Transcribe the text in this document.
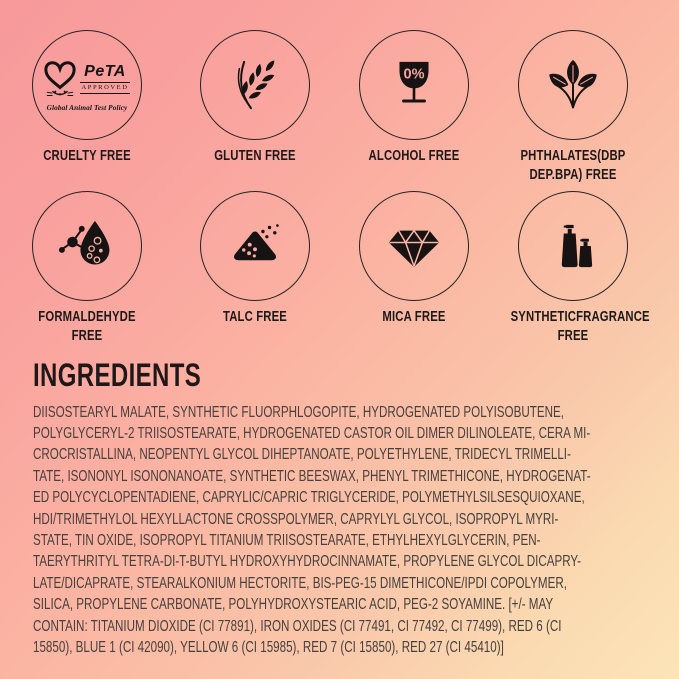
PeTA
APPROVED
Global Animal Test Policy
CRUELTY FREE	GLUTEN FREE
0%
ALCOHOL FREE	PHTHALATES(DBP
DEP.BPA) FREE
FORMALDEHYDE
FREE
TALC FREE	MICA FREE	SYNTHETICFRAGRANCE
FREE
INGREDIENTS
DIISOSTEARYL MALATE, SYNTHETIC FLUORPHLOGOPITE, HYDROGENATED POLYISOBUTENE,
POLYGLYCERYL-2 TRIISOSTEARATE, HYDROGENATED CASTOR OIL DIMER DILINOLEATE, CERA MI-
CROCRISTALLINA, NEOPENTYL GLYCOL DIHEPTANOATE, POLYETHYLENE, TRIDECYL TRIMELLI-
TATE, ISONONYL ISONONANOATE, SYNTHETIC BEESWAX, PHENYL TRIMETHICONE, HYDROGENAT-
ED POLYCYCLOPENTADIENE, CAPRYLIC/CAPRIC TRIGLYCERIDE, POLYMETHYLSILSESQUIOXANE,
HDI/TRIMETHYLOL HEXYLLACTONE CROSSPOLYMER, CAPRYLYL GLYCOL, ISOPROPYL MYRI-
STATE, TIN OXIDE, ISOPROPYL TITANIUM TRIISOSTEARATE, ETHYLHEXYLGLYCERIN, PEN-
TAERYTHRITYL TETRA-DI-T-BUTYL HYDROXYHYDROCINNAMATE, PROPYLENE GLYCOL DICAPRY-
LATE/DICAPRATE, STEARALKONIUM HECTORITE, BIS-PEG-15 DIMETHICONE/IPDI COPOLYMER,
SILICA, PROPYLENE CARBONATE, POLYHYDROXYSTEARIC ACID, PEG-2 SOYAMINE. [+/- MAY
CONTAIN: TITANIUM DIOXIDE (CI 77891), IRON OXIDES (CI 77491, CI 77492, CI 77499), RED 6 (CI
15850), BLUE 1 (CI 42090), YELLOW 6 (CI 15985), RED 7 (CI 15850), RED 27 (CI 45410)]
